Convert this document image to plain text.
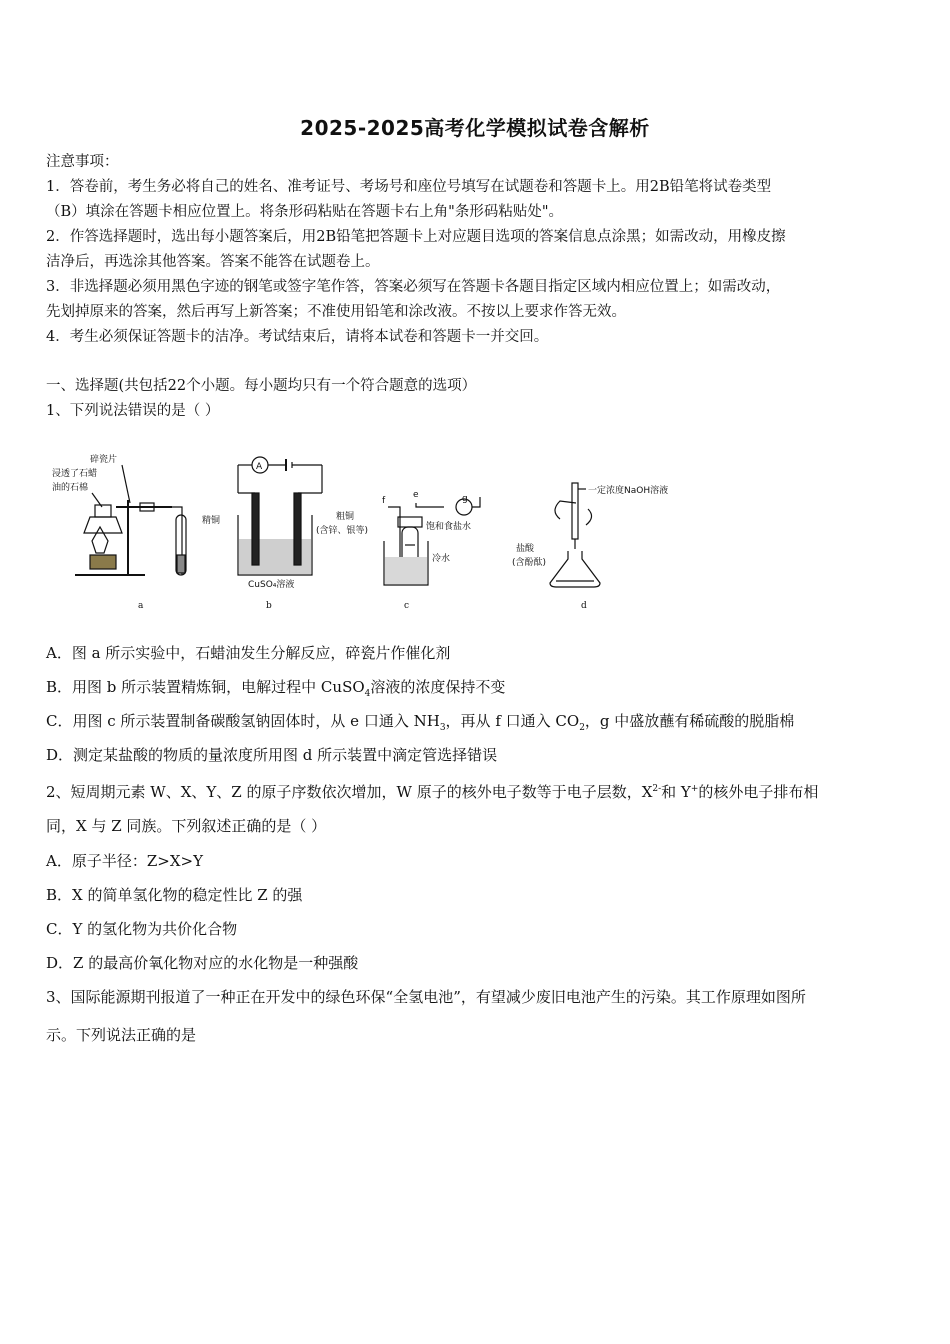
2025-2025高考化学模拟试卷含解析
注意事项：
1．答卷前，考生务必将自己的姓名、准考证号、考场号和座位号填写在试题卷和答题卡上。用2B铅笔将试卷类型
（B）填涂在答题卡相应位置上。将条形码粘贴在答题卡右上角"条形码粘贴处"。
2．作答选择题时，选出每小题答案后，用2B铅笔把答题卡上对应题目选项的答案信息点涂黑；如需改动，用橡皮擦
洁净后，再选涂其他答案。答案不能答在试题卷上。
3．非选择题必须用黑色字迹的钢笔或签字笔作答，答案必须写在答题卡各题目指定区域内相应位置上；如需改动，
先划掉原来的答案，然后再写上新答案；不准使用铅笔和涂改液。不按以上要求作答无效。
4．考生必须保证答题卡的洁净。考试结束后，请将本试卷和答题卡一并交回。
一、选择题(共包括22个小题。每小题均只有一个符合题意的选项）
1、下列说法错误的是（ ）
碎瓷片
浸透了石蜡
油的石棉
a
A
精铜	粗铜
(含锌、银等)
CuSO₄溶液
b
f
e	g
饱和食盐水
冷水
c
一定浓度NaOH溶液
盐酸
(含酚酞)
d
A．图 a 所示实验中，石蜡油发生分解反应，碎瓷片作催化剂
B．用图 b 所示装置精炼铜，电解过程中 CuSO$_4$溶液的浓度保持不变
C．用图 c 所示装置制备碳酸氢钠固体时，从 e 口通入 $NH_3$，再从 f 口通入 $CO_2$，g 中盛放蘸有稀硫酸的脱脂棉
D．测定某盐酸的物质的量浓度所用图 d 所示装置中滴定管选择错误
2、短周期元素 W、X、Y、Z 的原子序数依次增加，W 原子的核外电子数等于电子层数，$X^{2-}$和 Y+的核外电子排布相
同，X 与 Z 同族。下列叙述正确的是（ ）
A．原子半径：Z>X>Y
B．X 的简单氢化物的稳定性比 Z 的强
C．Y 的氢化物为共价化合物
D．Z 的最高价氧化物对应的水化物是一种强酸
3、国际能源期刊报道了一种正在开发中的绿色环保“全氢电池”，有望减少废旧电池产生的污染。其工作原理如图所
示。下列说法正确的是
